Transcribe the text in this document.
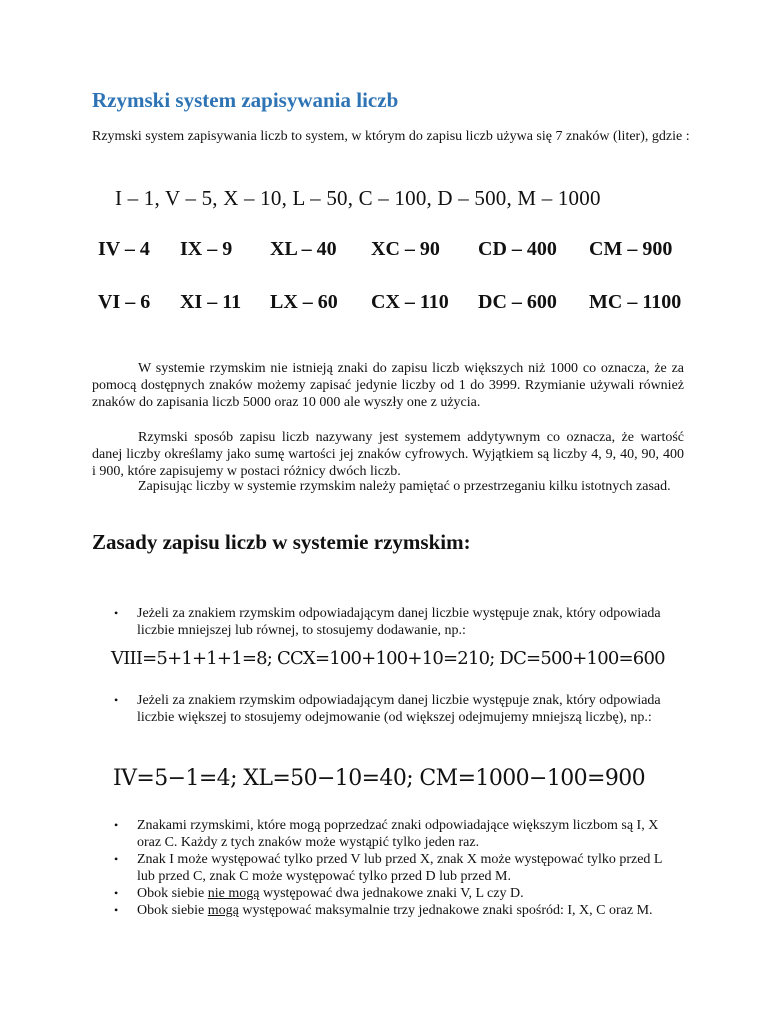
Rzymski system zapisywania liczb

Rzymski system zapisywania liczb to system, w którym do zapisu liczb używa się 7 znaków (liter), gdzie :

I – 1, V – 5, X – 10, L – 50, C – 100, D – 500, M – 1000

IV – 4 IX – 9 XL – 40 XC – 90 CD – 400 CM – 900
VI – 6 XI – 11 LX – 60 CX – 110 DC – 600 MC – 1100

W systemie rzymskim nie istnieją znaki do zapisu liczb większych niż 1000 co oznacza, że za pomocą dostępnych znaków możemy zapisać jedynie liczby od 1 do 3999. Rzymianie używali również znaków do zapisania liczb 5000 oraz 10 000 ale wyszły one z użycia.

Rzymski sposób zapisu liczb nazywany jest systemem addytywnym co oznacza, że wartość danej liczby określamy jako sumę wartości jej znaków cyfrowych. Wyjątkiem są liczby 4, 9, 40, 90, 400 i 900, które zapisujemy w postaci różnicy dwóch liczb.

Zapisując liczby w systemie rzymskim należy pamiętać o przestrzeganiu kilku istotnych zasad.

Zasady zapisu liczb w systemie rzymskim:

• Jeżeli za znakiem rzymskim odpowiadającym danej liczbie występuje znak, który odpowiada liczbie mniejszej lub równej, to stosujemy dodawanie, np.:

VIII=5+1+1+1=8; CCX=100+100+10=210; DC=500+100=600

• Jeżeli za znakiem rzymskim odpowiadającym danej liczbie występuje znak, który odpowiada liczbie większej to stosujemy odejmowanie (od większej odejmujemy mniejszą liczbę), np.:

IV=5−1=4; XL=50−10=40; CM=1000−100=900

• Znakami rzymskimi, które mogą poprzedzać znaki odpowiadające większym liczbom są I, X oraz C. Każdy z tych znaków może wystąpić tylko jeden raz.

• Znak I może występować tylko przed V lub przed X, znak X może występować tylko przed L lub przed C, znak C może występować tylko przed D lub przed M.

• Obok siebie nie mogą występować dwa jednakowe znaki V, L czy D.

• Obok siebie mogą występować maksymalnie trzy jednakowe znaki spośród: I, X, C oraz M.
